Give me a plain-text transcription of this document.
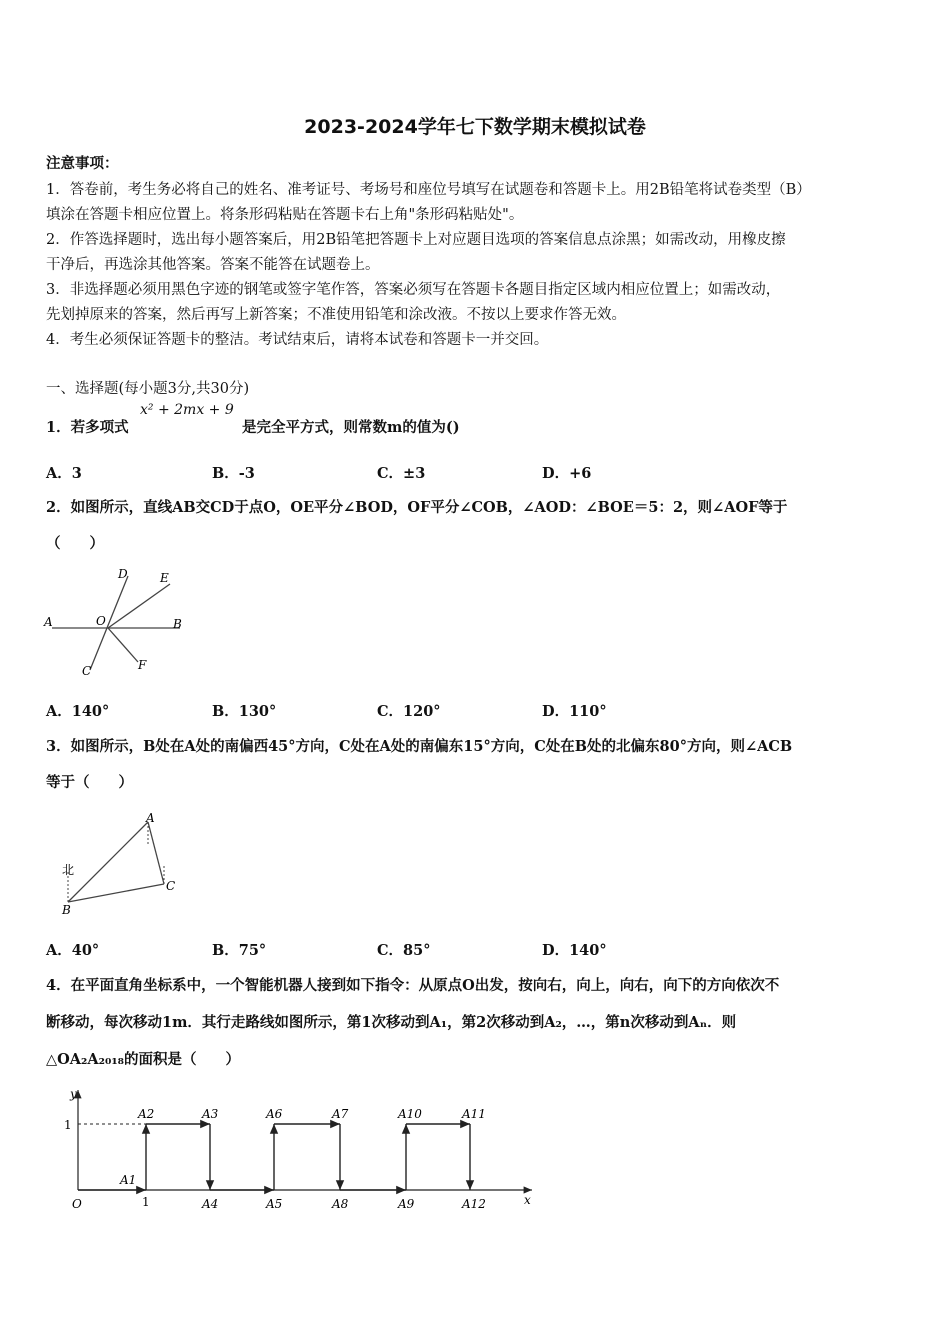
2023-2024学年七下数学期末模拟试卷
注意事项：
1．答卷前，考生务必将自己的姓名、准考证号、考场号和座位号填写在试题卷和答题卡上。用2B铅笔将试卷类型（B）
填涂在答题卡相应位置上。将条形码粘贴在答题卡右上角"条形码粘贴处"。
2．作答选择题时，选出每小题答案后，用2B铅笔把答题卡上对应题目选项的答案信息点涂黑；如需改动，用橡皮擦
干净后，再选涂其他答案。答案不能答在试题卷上。
3．非选择题必须用黑色字迹的钢笔或签字笔作答，答案必须写在答题卡各题目指定区域内相应位置上；如需改动，
先划掉原来的答案，然后再写上新答案；不准使用铅笔和涂改液。不按以上要求作答无效。
4．考生必须保证答题卡的整洁。考试结束后，请将本试卷和答题卡一并交回。
一、选择题(每小题3分,共30分)
1．若多项式
x² + 2mx + 9
是完全平方式，则常数m的值为()
A．3	B．-3	C．±3	D．+6
2．如图所示，直线AB交CD于点O，OE平分∠BOD，OF平分∠COB，∠AOD：∠BOE＝5：2，则∠AOF等于
（　　）
A	B
C
D	E
F
O
A．140°	B．130°	C．120°	D．110°
3．如图所示，B处在A处的南偏西45°方向，C处在A处的南偏东15°方向，C处在B处的北偏东80°方向，则∠ACB
等于（　　）
北
A
B
C
A．40°	B．75°	C．85°	D．140°
4．在平面直角坐标系中，一个智能机器人接到如下指令：从原点O出发，按向右，向上，向右，向下的方向依次不
断移动，每次移动1m．其行走路线如图所示，第1次移动到A₁，第2次移动到A₂，…，第n次移动到Aₙ．则
△OA₂A₂₀₁₈的面积是（　　）
y
x
O	1
1
A1
A2	A3
A4	A5
A6	A7
A8	A9
A10	A11
A12
